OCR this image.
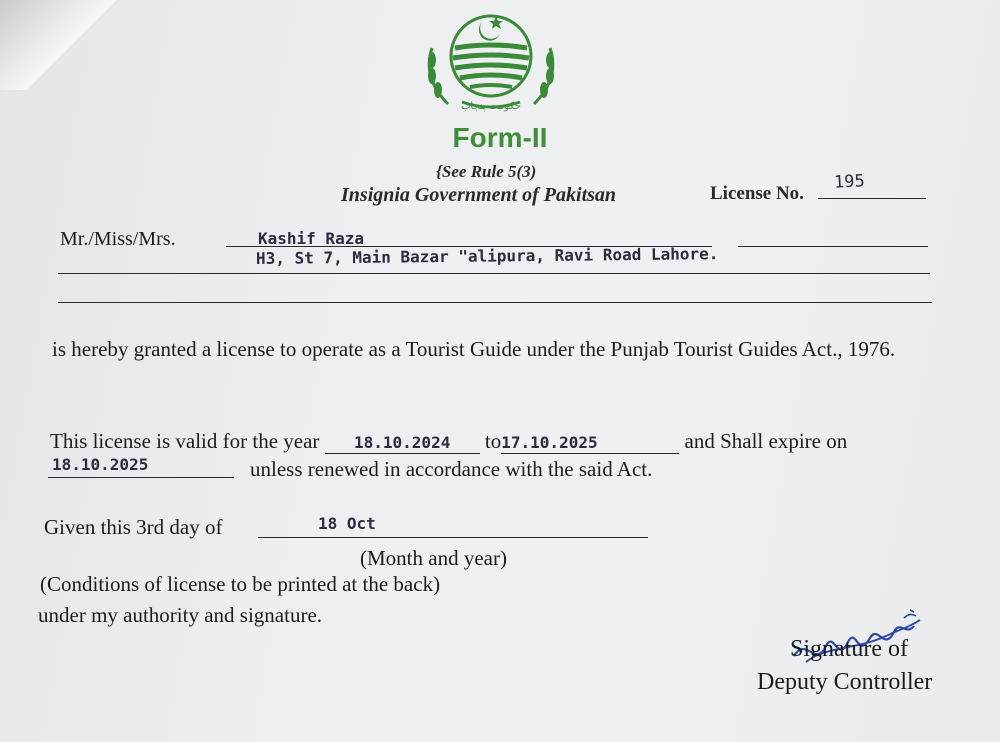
حکومت پنجاب
Form-II
{See Rule 5(3)
Insignia Government of Pakitsan	License No.
195
Mr./Miss/Mrs.	Kashif Raza
H3, St 7, Main Bazar "alipura, Ravi Road Lahore.
is hereby granted a license to operate as a Tourist Guide under the Punjab Tourist Guides Act., 1976.
This license is valid for the year 18.10.2024 to17.10.2025	and Shall expire on
18.10.2025	unless renewed in accordance with the said Act.
Given this 3rd day of	18 Oct
(Month and year)
(Conditions of license to be printed at the back)
under my authority and signature.
Signature of
Deputy Controller
